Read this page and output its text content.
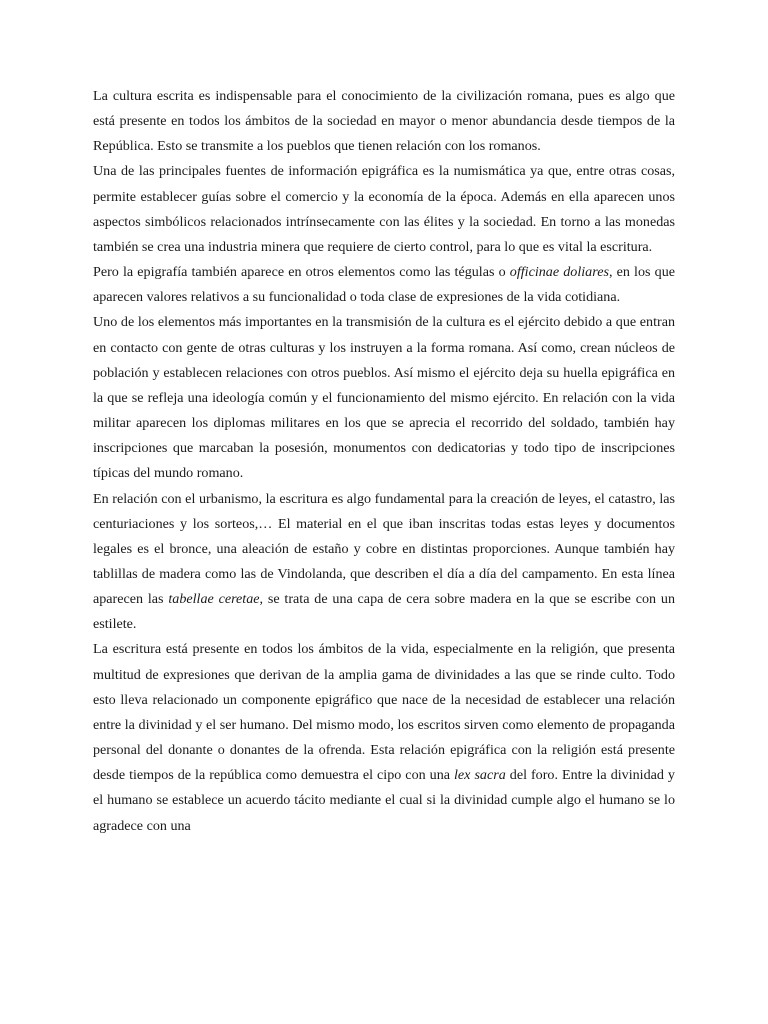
La cultura escrita es indispensable para el conocimiento de la civilización romana, pues es algo que está presente en todos los ámbitos de la sociedad en mayor o menor abundancia desde tiempos de la República. Esto se transmite a los pueblos que tienen relación con los romanos.

Una de las principales fuentes de información epigráfica es la numismática ya que, entre otras cosas, permite establecer guías sobre el comercio y la economía de la época. Además en ella aparecen unos aspectos simbólicos relacionados intrínsecamente con las élites y la sociedad. En torno a las monedas también se crea una industria minera que requiere de cierto control, para lo que es vital la escritura.

Pero la epigrafía también aparece en otros elementos como las tégulas o officinae doliares, en los que aparecen valores relativos a su funcionalidad o toda clase de expresiones de la vida cotidiana.

Uno de los elementos más importantes en la transmisión de la cultura es el ejército debido a que entran en contacto con gente de otras culturas y los instruyen a la forma romana. Así como, crean núcleos de población y establecen relaciones con otros pueblos. Así mismo el ejército deja su huella epigráfica en la que se refleja una ideología común y el funcionamiento del mismo ejército. En relación con la vida militar aparecen los diplomas militares en los que se aprecia el recorrido del soldado, también hay inscripciones que marcaban la posesión, monumentos con dedicatorias y todo tipo de inscripciones típicas del mundo romano.

En relación con el urbanismo, la escritura es algo fundamental para la creación de leyes, el catastro, las centuriaciones y los sorteos,… El material en el que iban inscritas todas estas leyes y documentos legales es el bronce, una aleación de estaño y cobre en distintas proporciones. Aunque también hay tablillas de madera como las de Vindolanda, que describen el día a día del campamento. En esta línea aparecen las tabellae ceretae, se trata de una capa de cera sobre madera en la que se escribe con un estilete.

La escritura está presente en todos los ámbitos de la vida, especialmente en la religión, que presenta multitud de expresiones que derivan de la amplia gama de divinidades a las que se rinde culto. Todo esto lleva relacionado un componente epigráfico que nace de la necesidad de establecer una relación entre la divinidad y el ser humano. Del mismo modo, los escritos sirven como elemento de propaganda personal del donante o donantes de la ofrenda. Esta relación epigráfica con la religión está presente desde tiempos de la república como demuestra el cipo con una lex sacra del foro. Entre la divinidad y el humano se establece un acuerdo tácito mediante el cual si la divinidad cumple algo el humano se lo agradece con una
